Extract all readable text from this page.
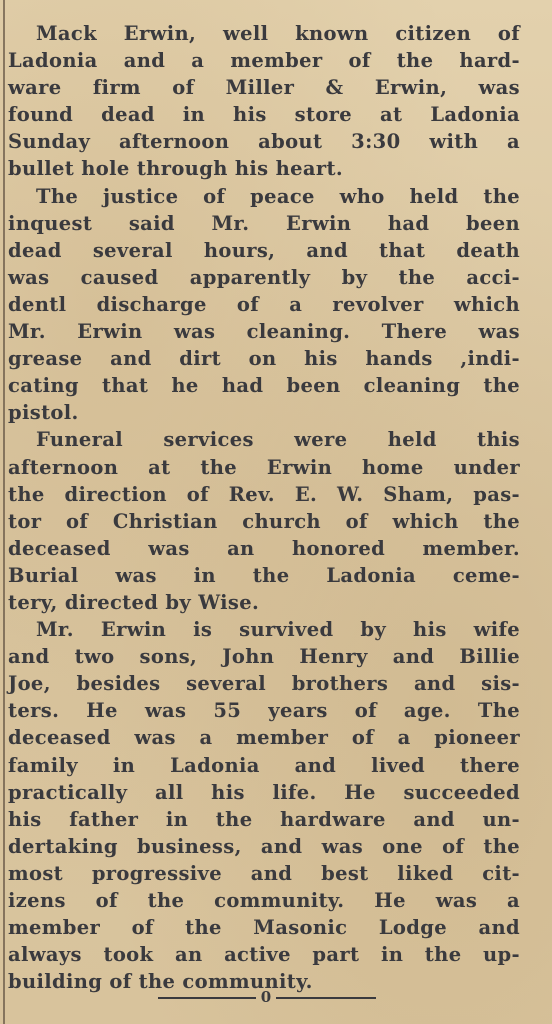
Mack Erwin, well known citizen of
Ladonia and a member of the hard-
ware firm of Miller & Erwin, was
found dead in his store at Ladonia
Sunday afternoon about 3:30 with a
bullet hole through his heart.
The justice of peace who held the
inquest said Mr. Erwin had been
dead several hours, and that death
was caused apparently by the acci-
dentl discharge of a revolver which
Mr. Erwin was cleaning. There was
grease and dirt on his hands ,indi-
cating that he had been cleaning the
pistol.
Funeral services were held this
afternoon at the Erwin home under
the direction of Rev. E. W. Sham, pas-
tor of Christian church of which the
deceased was an honored member.
Burial was in the Ladonia ceme-
tery, directed by Wise.
Mr. Erwin is survived by his wife
and two sons, John Henry and Billie
Joe, besides several brothers and sis-
ters. He was 55 years of age. The
deceased was a member of a pioneer
family in Ladonia and lived there
practically all his life. He succeeded
his father in the hardware and un-
dertaking business, and was one of the
most progressive and best liked cit-
izens of the community. He was a
member of the Masonic Lodge and
always took an active part in the up-
building of the community.
0
